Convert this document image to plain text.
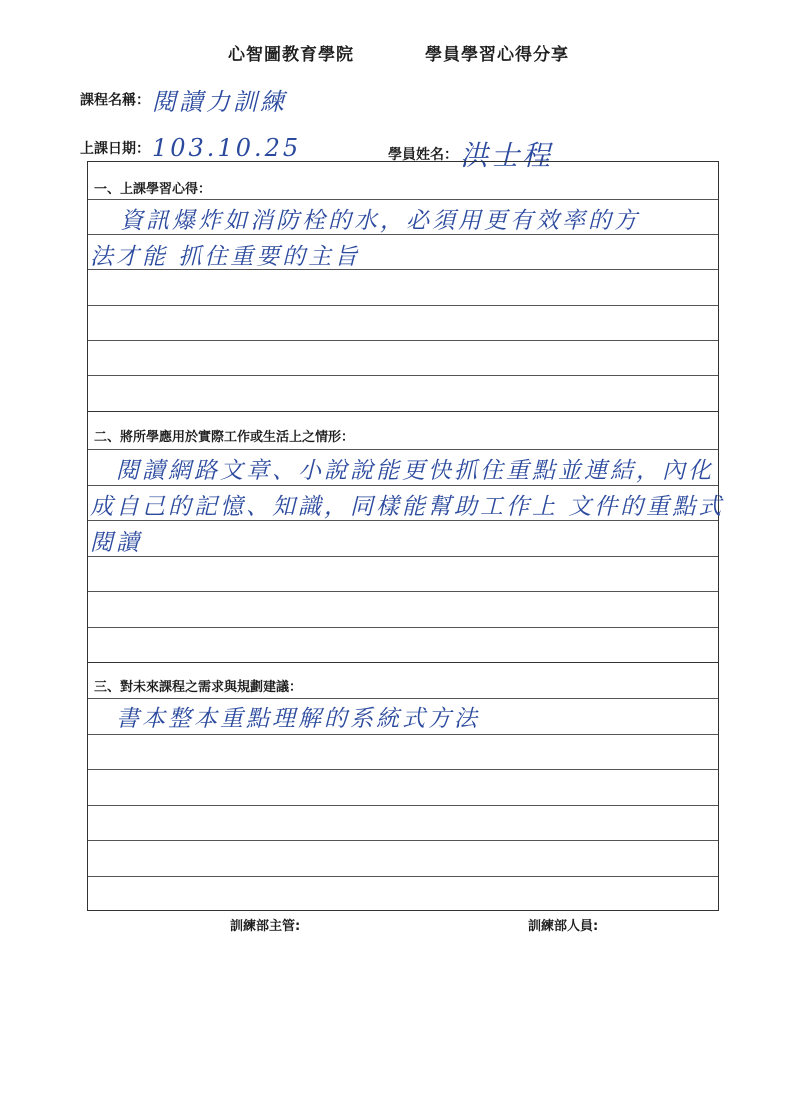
心智圖教育學院	學員學習心得分享
課程名稱：閱讀力訓練
上課日期：103.10.25	學員姓名：洪士程
一、上課學習心得：
資訊爆炸如消防栓的水，必須用更有效率的方
法才能 抓住重要的主旨
二、將所學應用於實際工作或生活上之情形：
閱讀網路文章、小說說能更快抓住重點並連結，內化
成自己的記憶、知識，同樣能幫助工作上 文件的重點式
閱讀
三、對未來課程之需求與規劃建議：
書本整本重點理解的系統式方法
訓練部主管:	訓練部人員:
